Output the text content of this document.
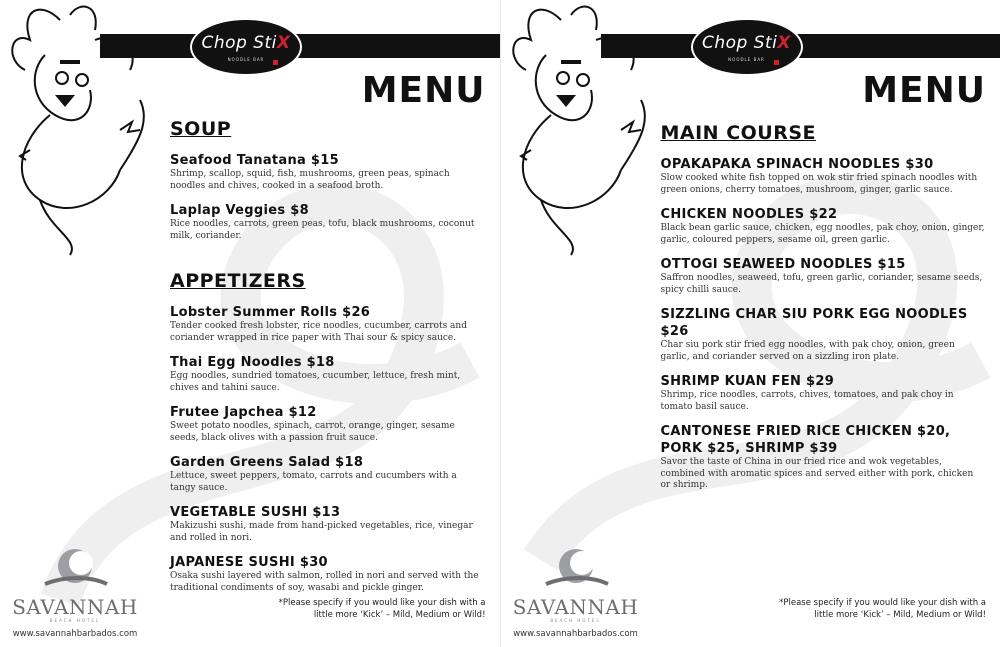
Chop StiX
NOODLE BAR
MENU
SOUP
Seafood Tanatana $15
Shrimp, scallop, squid, fish, mushrooms, green peas, spinach noodles and chives, cooked in a seafood broth.
Laplap Veggies $8
Rice noodles, carrots, green peas, tofu, black mushrooms, coconut milk, coriander.
APPETIZERS
Lobster Summer Rolls $26
Tender cooked fresh lobster, rice noodles, cucumber, carrots and coriander wrapped in rice paper with Thai sour & spicy sauce.
Thai Egg Noodles $18
Egg noodles, sundried tomatoes, cucumber, lettuce, fresh mint, chives and tahini sauce.
Frutee Japchea $12
Sweet potato noodles, spinach, carrot, orange, ginger, sesame seeds, black olives with a passion fruit sauce.
Garden Greens Salad $18
Lettuce, sweet peppers, tomato, carrots and cucumbers with a tangy sauce.
VEGETABLE SUSHI $13
Makizushi sushi, made from hand-picked vegetables, rice, vinegar and rolled in nori.
JAPANESE SUSHI $30
Osaka sushi layered with salmon, rolled in nori and served with the traditional condiments of soy, wasabi and pickle ginger.
SAVANNAH
BEACH HOTEL
www.savannahbarbados.com
*Please specify if you would like your dish with a little more ‘Kick’ – Mild, Medium or Wild!
Chop StiX
NOODLE BAR
MENU
MAIN COURSE
OPAKAPAKA SPINACH NOODLES $30
Slow cooked white fish topped on wok stir fried spinach noodles with green onions, cherry tomatoes, mushroom, ginger, garlic sauce.
CHICKEN NOODLES $22
Black bean garlic sauce, chicken, egg noodles, pak choy, onion, ginger, garlic, coloured peppers, sesame oil, green garlic.
OTTOGI SEAWEED NOODLES $15
Saffron noodles, seaweed, tofu, green garlic, coriander, sesame seeds, spicy chilli sauce.
SIZZLING CHAR SIU PORK EGG NOODLES $26
Char siu pork stir fried egg noodles, with pak choy, onion, green garlic, and coriander served on a sizzling iron plate.
SHRIMP KUAN FEN $29
Shrimp, rice noodles, carrots, chives, tomatoes, and pak choy in tomato basil sauce.
CANTONESE FRIED RICE CHICKEN $20, PORK $25, SHRIMP $39
Savor the taste of China in our fried rice and wok vegetables, combined with aromatic spices and served either with pork, chicken or shrimp.
SAVANNAH
BEACH HOTEL
www.savannahbarbados.com
*Please specify if you would like your dish with a little more ‘Kick’ – Mild, Medium or Wild!
